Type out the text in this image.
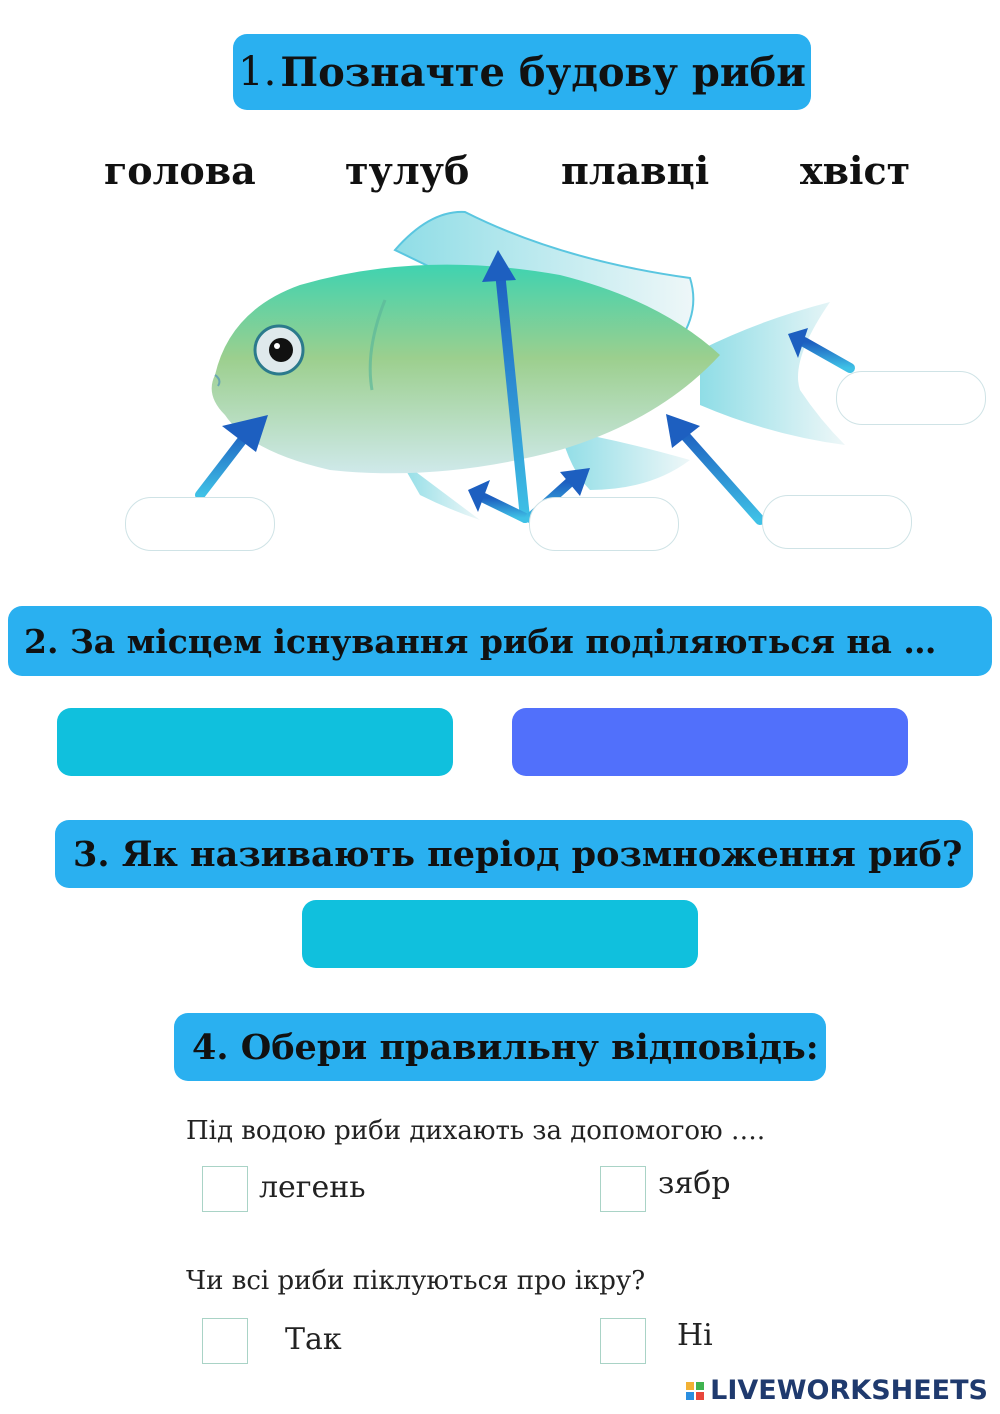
1. Позначте будову риби
голова тулуб плавці хвіст
2. За місцем існування риби поділяються на …
3. Як називають період розмноження риб?
4. Обери правильну відповідь:
Під водою риби дихають за допомогою ….
легень	зябр
Чи всі риби піклуються про ікру?
Так	Ні
LIVEWORKSHEETS
